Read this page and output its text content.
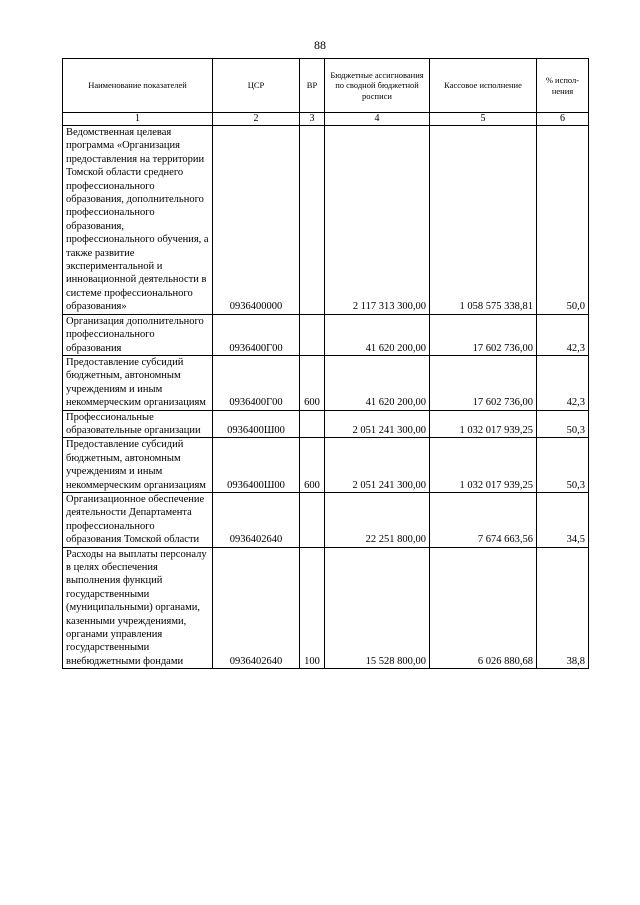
88
Наименование показателей	ЦСР	ВР	Бюджетные ассигнования по сводной бюджетной росписи	Кассовое исполнение	% испол-нения
1	2	3	4	5	6
Ведомственная целевая программа «Организация предоставления на территории Томской области среднего профессионального образования, дополнительного профессионального образования, профессионального обучения, а также развитие экспериментальной и инновационной деятельности в системе профессионального образования»	0936400000		2 117 313 300,00	1 058 575 338,81	50,0
Организация дополнительного профессионального образования	0936400Г00		41 620 200,00	17 602 736,00	42,3
Предоставление субсидий бюджетным, автономным учреждениям и иным некоммерческим организациям	0936400Г00	600	41 620 200,00	17 602 736,00	42,3
Профессиональные образовательные организации	0936400Ш00		2 051 241 300,00	1 032 017 939,25	50,3
Предоставление субсидий бюджетным, автономным учреждениям и иным некоммерческим организациям	0936400Ш00	600	2 051 241 300,00	1 032 017 939,25	50,3
Организационное обеспечение деятельности Департамента профессионального образования Томской области	0936402640		22 251 800,00	7 674 663,56	34,5
Расходы на выплаты персоналу в целях обеспечения выполнения функций государственными (муниципальными) органами, казенными учреждениями, органами управления государственными внебюджетными фондами	0936402640	100	15 528 800,00	6 026 880,68	38,8
